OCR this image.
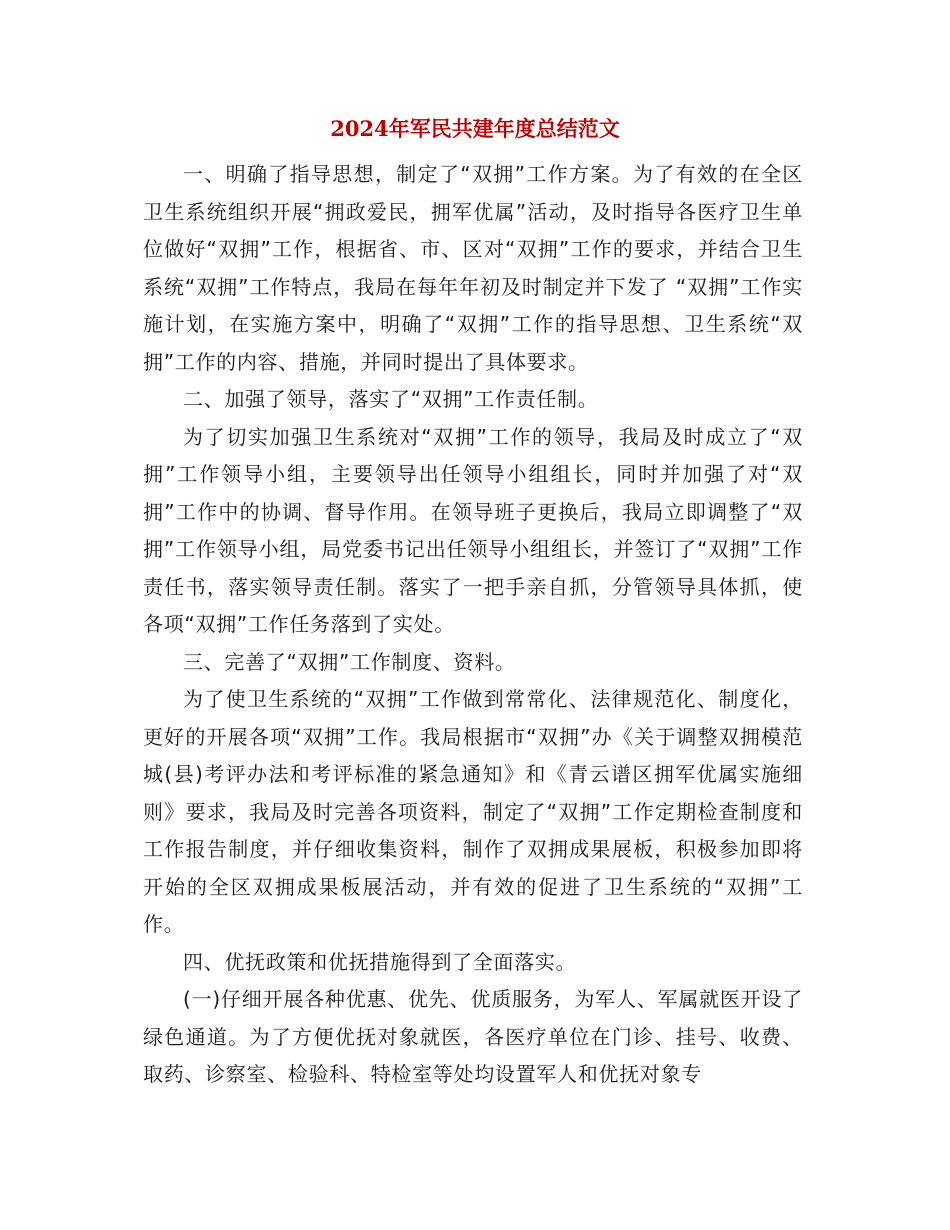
2024年军民共建年度总结范文

一、明确了指导思想，制定了“双拥”工作方案。为了有效的在全区卫生系统组织开展“拥政爱民，拥军优属”活动，及时指导各医疗卫生单位做好“双拥”工作，根据省、市、区对“双拥”工作的要求，并结合卫生系统“双拥”工作特点，我局在每年年初及时制定并下发了 “双拥”工作实施计划，在实施方案中，明确了“双拥”工作的指导思想、卫生系统“双拥”工作的内容、措施，并同时提出了具体要求。

二、加强了领导，落实了“双拥”工作责任制。

为了切实加强卫生系统对“双拥”工作的领导，我局及时成立了“双拥”工作领导小组，主要领导出任领导小组组长，同时并加强了对“双拥”工作中的协调、督导作用。在领导班子更换后，我局立即调整了“双拥”工作领导小组，局党委书记出任领导小组组长，并签订了“双拥”工作责任书，落实领导责任制。落实了一把手亲自抓，分管领导具体抓，使各项“双拥”工作任务落到了实处。

三、完善了“双拥”工作制度、资料。

为了使卫生系统的“双拥”工作做到常常化、法律规范化、制度化，更好的开展各项“双拥”工作。我局根据市“双拥”办《关于调整双拥模范城(县)考评办法和考评标准的紧急通知》和《青云谱区拥军优属实施细则》要求，我局及时完善各项资料，制定了“双拥”工作定期检查制度和工作报告制度，并仔细收集资料，制作了双拥成果展板，积极参加即将开始的全区双拥成果板展活动，并有效的促进了卫生系统的“双拥”工作。

四、优抚政策和优抚措施得到了全面落实。

(一)仔细开展各种优惠、优先、优质服务，为军人、军属就医开设了绿色通道。为了方便优抚对象就医，各医疗单位在门诊、挂号、收费、取药、诊察室、检验科、特检室等处均设置军人和优抚对象专
